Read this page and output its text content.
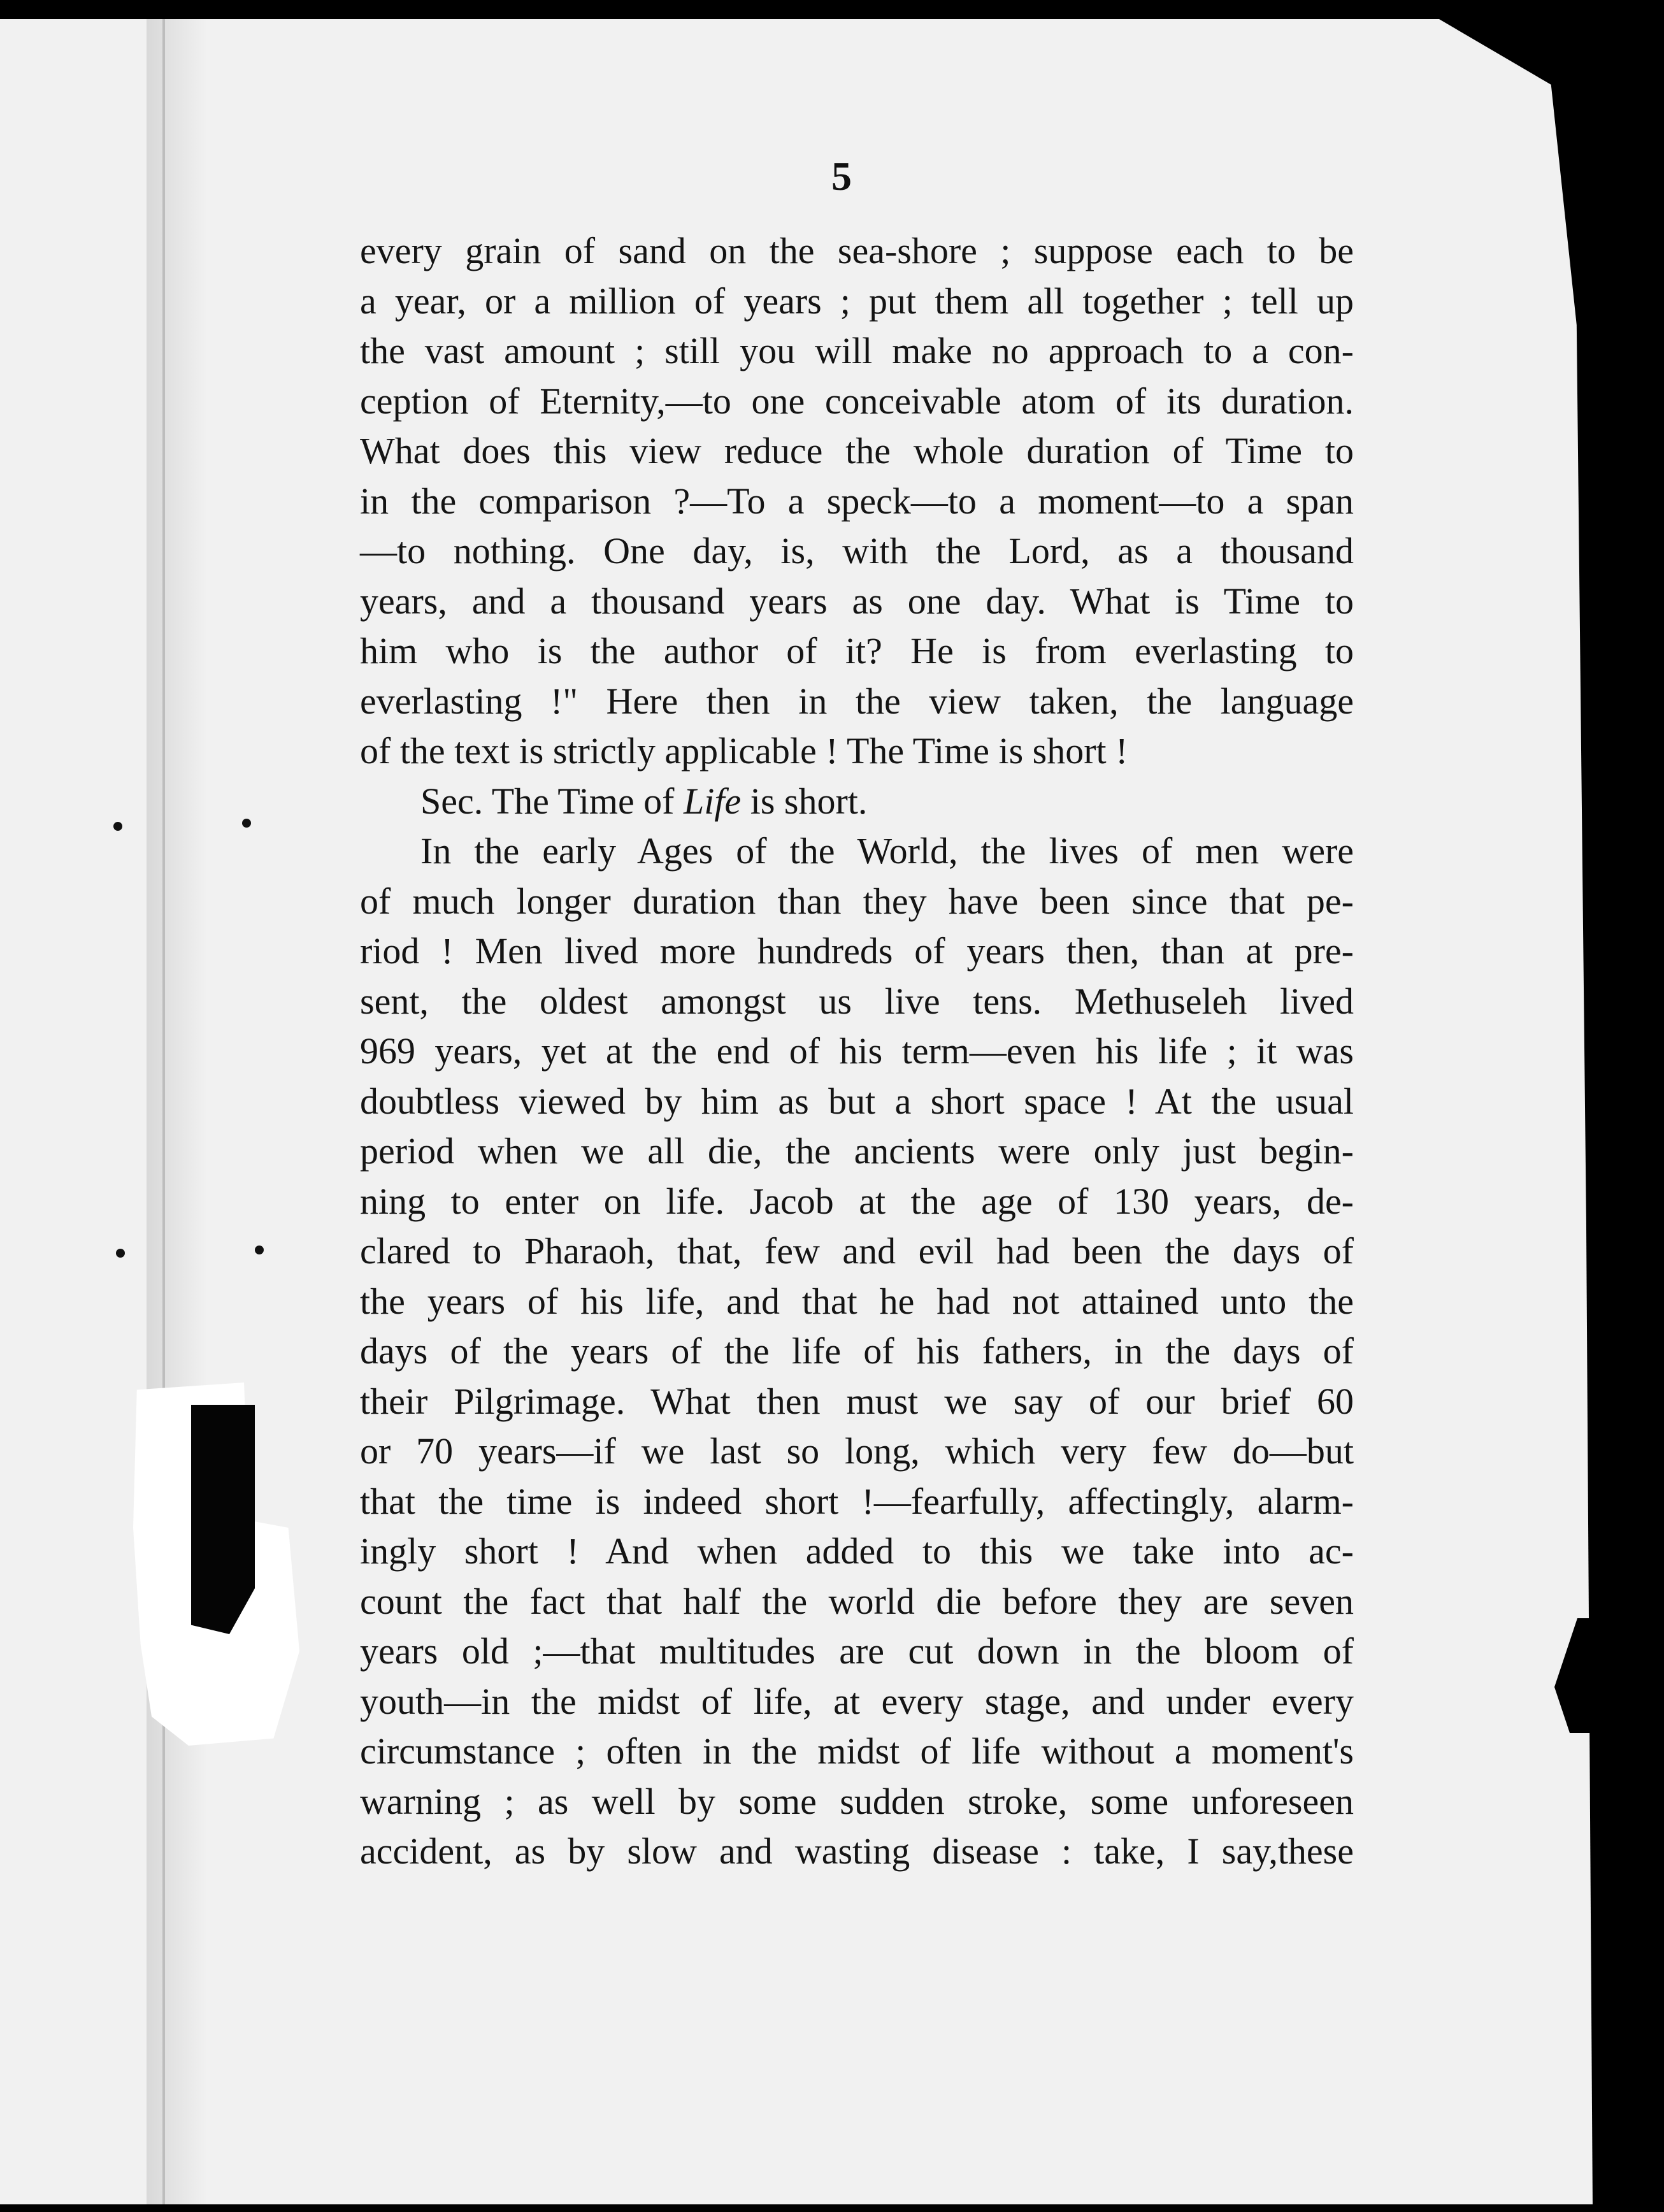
5
every grain of sand on the sea-shore ; suppose each to be
a year, or a million of years ; put them all together ; tell up
the vast amount ; still you will make no approach to a con-
ception of Eternity,—to one conceivable atom of its duration.
What does this view reduce the whole duration of Time to
in the comparison ?—To a speck—to a moment—to a span
—to nothing. One day, is, with the Lord, as a thousand
years, and a thousand years as one day. What is Time to
him who is the author of it? He is from everlasting to
everlasting !" Here then in the view taken, the language
of the text is strictly applicable ! The Time is short !
Sec. The Time of Life is short.
In the early Ages of the World, the lives of men were
of much longer duration than they have been since that pe-
riod ! Men lived more hundreds of years then, than at pre-
sent, the oldest amongst us live tens. Methuseleh lived
969 years, yet at the end of his term—even his life ; it was
doubtless viewed by him as but a short space ! At the usual
period when we all die, the ancients were only just begin-
ning to enter on life. Jacob at the age of 130 years, de-
clared to Pharaoh, that, few and evil had been the days of
the years of his life, and that he had not attained unto the
days of the years of the life of his fathers, in the days of
their Pilgrimage. What then must we say of our brief 60
or 70 years—if we last so long, which very few do—but
that the time is indeed short !—fearfully, affectingly, alarm-
ingly short ! And when added to this we take into ac-
count the fact that half the world die before they are seven
years old ;—that multitudes are cut down in the bloom of
youth—in the midst of life, at every stage, and under every
circumstance ; often in the midst of life without a moment's
warning ; as well by some sudden stroke, some unforeseen
accident, as by slow and wasting disease : take, I say,these
